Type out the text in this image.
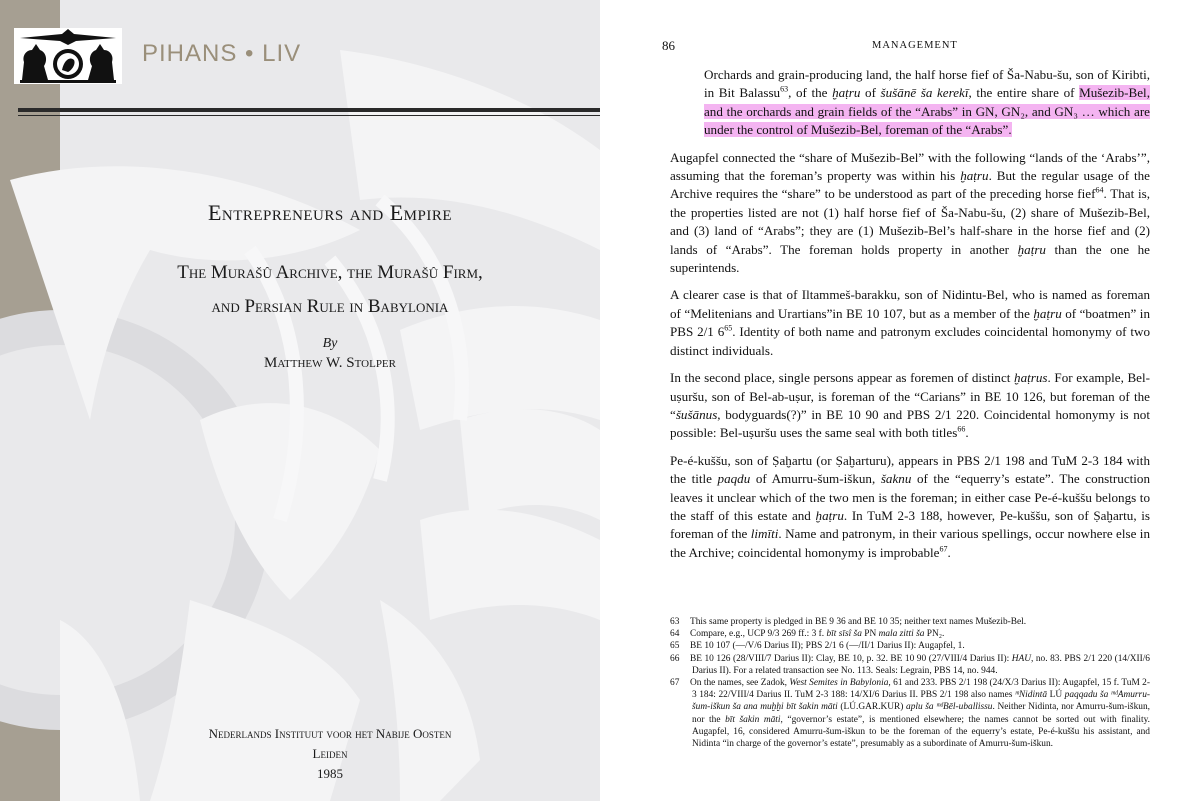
PIHANS • LIV
Entrepreneurs and Empire
The Murašû Archive, the Murašû Firm,
and Persian Rule in Babylonia
By
Matthew W. Stolper
Nederlands Instituut voor het Nabije Oosten
Leiden
1985
86	MANAGEMENT

Orchards and grain-producing land, the half horse fief of Ša-Nabu-šu, son of Kiribti, in Bit Balassu$^{63}$, of the ḫaṭru of šušānē ša kerekī, the entire share of Mušezib-Bel, and the orchards and grain fields of the “Arabs” in GN, GN₂, and GN₃ … which are under the control of Mušezib-Bel, foreman of the “Arabs”.

Augapfel connected the “share of Mušezib-Bel” with the following “lands of the ‘Arabs’”, assuming that the foreman’s property was within his ḫaṭru. But the regular usage of the Archive requires the “share” to be understood as part of the preceding horse fief$^{64}$. That is, the properties listed are not (1) half horse fief of Ša-Nabu-šu, (2) share of Mušezib-Bel, and (3) land of “Arabs”; they are (1) Mušezib-Bel’s half-share in the horse fief and (2) lands of “Arabs”. The foreman holds property in another ḫaṭru than the one he superintends.

A clearer case is that of Iltammeš-barakku, son of Nidintu-Bel, who is named as foreman of “Melitenians and Urartians”in BE 10 107, but as a member of the ḫaṭru of “boatmen” in PBS 2/1 6$^{65}$. Identity of both name and patronym excludes coincidental homonymy of two distinct individuals.

In the second place, single persons appear as foremen of distinct ḫaṭrus. For example, Bel-uṣuršu, son of Bel-ab-uṣur, is foreman of the “Carians” in BE 10 126, but foreman of the “šušānus, bodyguards(?)” in BE 10 90 and PBS 2/1 220. Coincidental homonymy is not possible: Bel-uṣuršu uses the same seal with both titles$^{66}$.

Pe-é-kuššu, son of Ṣaḫartu (or Ṣaḫarturu), appears in PBS 2/1 198 and TuM 2-3 184 with the title paqdu of Amurru-šum-iškun, šaknu of the “equerry’s estate”. The construction leaves it unclear which of the two men is the foreman; in either case Pe-é-kuššu belongs to the staff of this estate and ḫaṭru. In TuM 2-3 188, however, Pe-kuššu, son of Ṣaḫartu, is foreman of the limīti. Name and patronym, in their various spellings, occur nowhere else in the Archive; coincidental homonymy is improbable$^{67}$.

63 This same property is pledged in BE 9 36 and BE 10 35; neither text names Mušezib-Bel.

64 Compare, e.g., UCP 9/3 269 ff.: 3 f. bīt sīsî ša PN mala zitti ša PN₂.

65 BE 10 107 (—/V/6 Darius II); PBS 2/1 6 (—/II/1 Darius II): Augapfel, 1.

66 BE 10 126 (28/VIII/7 Darius II): Clay, BE 10, p. 32. BE 10 90 (27/VIII/4 Darius II): HAU, no. 83. PBS 2/1 220 (14/XII/6 Darius II). For a related transaction see No. 113. Seals: Legrain, PBS 14, no. 944.

67 On the names, see Zadok, West Semites in Babylonia, 61 and 233. PBS 2/1 198 (24/X/3 Darius II): Augapfel, 15 f. TuM 2-3 184: 22/VIII/4 Darius II. TuM 2-3 188: 14/XI/6 Darius II. PBS 2/1 198 also names ᵐNidintā LÚ paqqadu ša ᵐᵈAmurru-šum-iškun ša ana muḫḫi bīt šakin māti (LÚ.GAR.KUR) aplu ša ᵐᵈBēl-uballissu. Neither Nidinta, nor Amurru-šum-iškun, nor the bīt šakin māti, “governor’s estate”, is mentioned elsewhere; the names cannot be sorted out with finality. Augapfel, 16, considered Amurru-šum-iškun to be the foreman of the equerry’s estate, Pe-é-kuššu his assistant, and Nidinta “in charge of the governor’s estate”, presumably as a subordinate of Amurru-šum-iškun.
